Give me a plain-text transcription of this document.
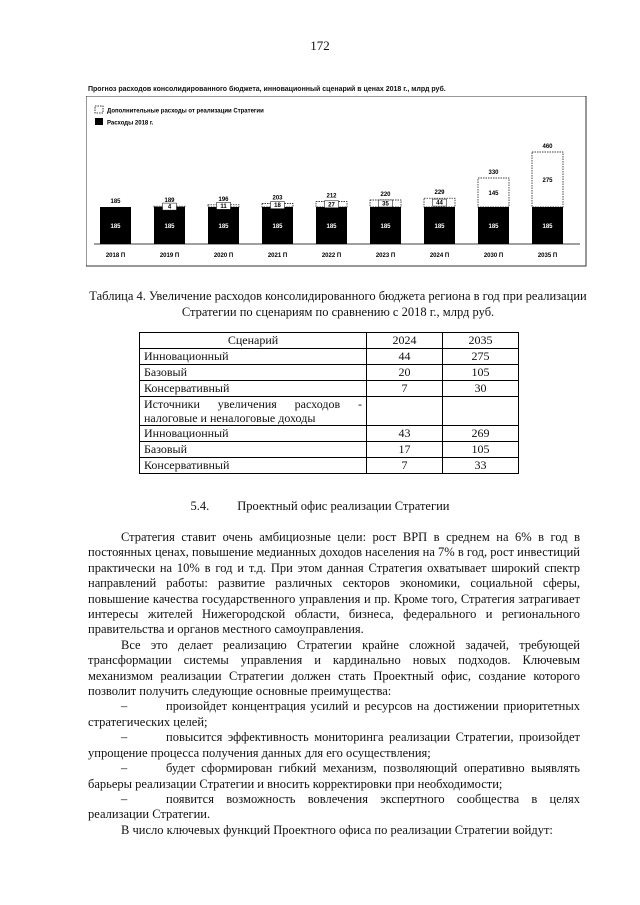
172
Прогноз расходов консолидированного бюджета, инновационный сценарий в ценах 2018 г., млрд руб.
Дополнительные расходы от реализации Стратегии
Расходы 2018 г.
185
185
2018 П
4
185
189
2019 П
11
185
196
2020 П
18
185
203
2021 П
27
185
212
2022 П
35
185
220
2023 П
44
185
229
2024 П
145
185
330
2030 П
275
185
460
2035 П
Таблица 4. Увеличение расходов консолидированного бюджета региона в год при реализации Стратегии по сценариям по сравнению с 2018 г., млрд руб.
Сценарий	2024	2035
Инновационный	44	275
Базовый	20	105
Консервативный	7	30
Источники увеличения расходов - налоговые и неналоговые доходы		
Инновационный	43	269
Базовый	17	105
Консервативный	7	33
5.4. Проектный офис реализации Стратегии

Стратегия ставит очень амбициозные цели: рост ВРП в среднем на 6% в год в постоянных ценах, повышение медианных доходов населения на 7% в год, рост инвестиций практически на 10% в год и т.д. При этом данная Стратегия охватывает широкий спектр направлений работы: развитие различных секторов экономики, социальной сферы, повышение качества государственного управления и пр. Кроме того, Стратегия затрагивает интересы жителей Нижегородской области, бизнеса, федерального и регионального правительства и органов местного самоуправления.

Все это делает реализацию Стратегии крайне сложной задачей, требующей трансформации системы управления и кардинально новых подходов. Ключевым механизмом реализации Стратегии должен стать Проектный офис, создание которого позволит получить следующие основные преимущества:

–	произойдет концентрация усилий и ресурсов на достижении приоритетных стратегических целей;

–	повысится эффективность мониторинга реализации Стратегии, произойдет упрощение процесса получения данных для его осуществления;

–	будет сформирован гибкий механизм, позволяющий оперативно выявлять барьеры реализации Стратегии и вносить корректировки при необходимости;

–	появится возможность вовлечения экспертного сообщества в целях реализации Стратегии.

В число ключевых функций Проектного офиса по реализации Стратегии войдут:
